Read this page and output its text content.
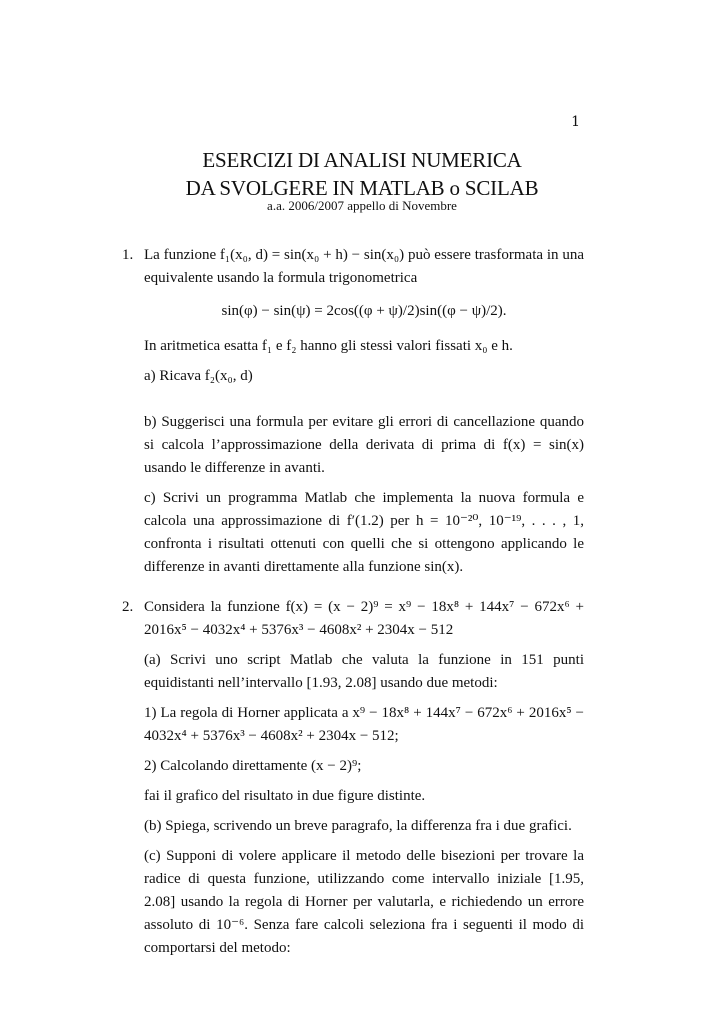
1
ESERCIZI DI ANALISI NUMERICA
DA SVOLGERE IN MATLAB o SCILAB
a.a. 2006/2007 appello di Novembre
1. La funzione f₁(x₀, d) = sin(x₀ + h) − sin(x₀) può essere trasformata in una equivalente usando la formula trigonometrica

sin(φ) − sin(ψ) = 2cos((φ + ψ)/2)sin((φ − ψ)/2).

In aritmetica esatta f₁ e f₂ hanno gli stessi valori fissati x₀ e h.

a) Ricava f₂(x₀, d)

b) Suggerisci una formula per evitare gli errori di cancellazione quando si calcola l’approssimazione della derivata di prima di f(x) = sin(x) usando le differenze in avanti.

c) Scrivi un programma Matlab che implementa la nuova formula e calcola una approssimazione di f′(1.2) per h = 10⁻²⁰, 10⁻¹⁹, . . . , 1, confronta i risultati ottenuti con quelli che si ottengono applicando le differenze in avanti direttamente alla funzione sin(x).

2. Considera la funzione f(x) = (x − 2)⁹ = x⁹ − 18x⁸ + 144x⁷ − 672x⁶ + 2016x⁵ − 4032x⁴ + 5376x³ − 4608x² + 2304x − 512

(a) Scrivi uno script Matlab che valuta la funzione in 151 punti equidistanti nell’intervallo [1.93, 2.08] usando due metodi:

1) La regola di Horner applicata a x⁹ − 18x⁸ + 144x⁷ − 672x⁶ + 2016x⁵ − 4032x⁴ + 5376x³ − 4608x² + 2304x − 512;

2) Calcolando direttamente (x − 2)⁹;

fai il grafico del risultato in due figure distinte.

(b) Spiega, scrivendo un breve paragrafo, la differenza fra i due grafici.

(c) Supponi di volere applicare il metodo delle bisezioni per trovare la radice di questa funzione, utilizzando come intervallo iniziale [1.95, 2.08] usando la regola di Horner per valutarla, e richiedendo un errore assoluto di 10⁻⁶. Senza fare calcoli seleziona fra i seguenti il modo di comportarsi del metodo:
